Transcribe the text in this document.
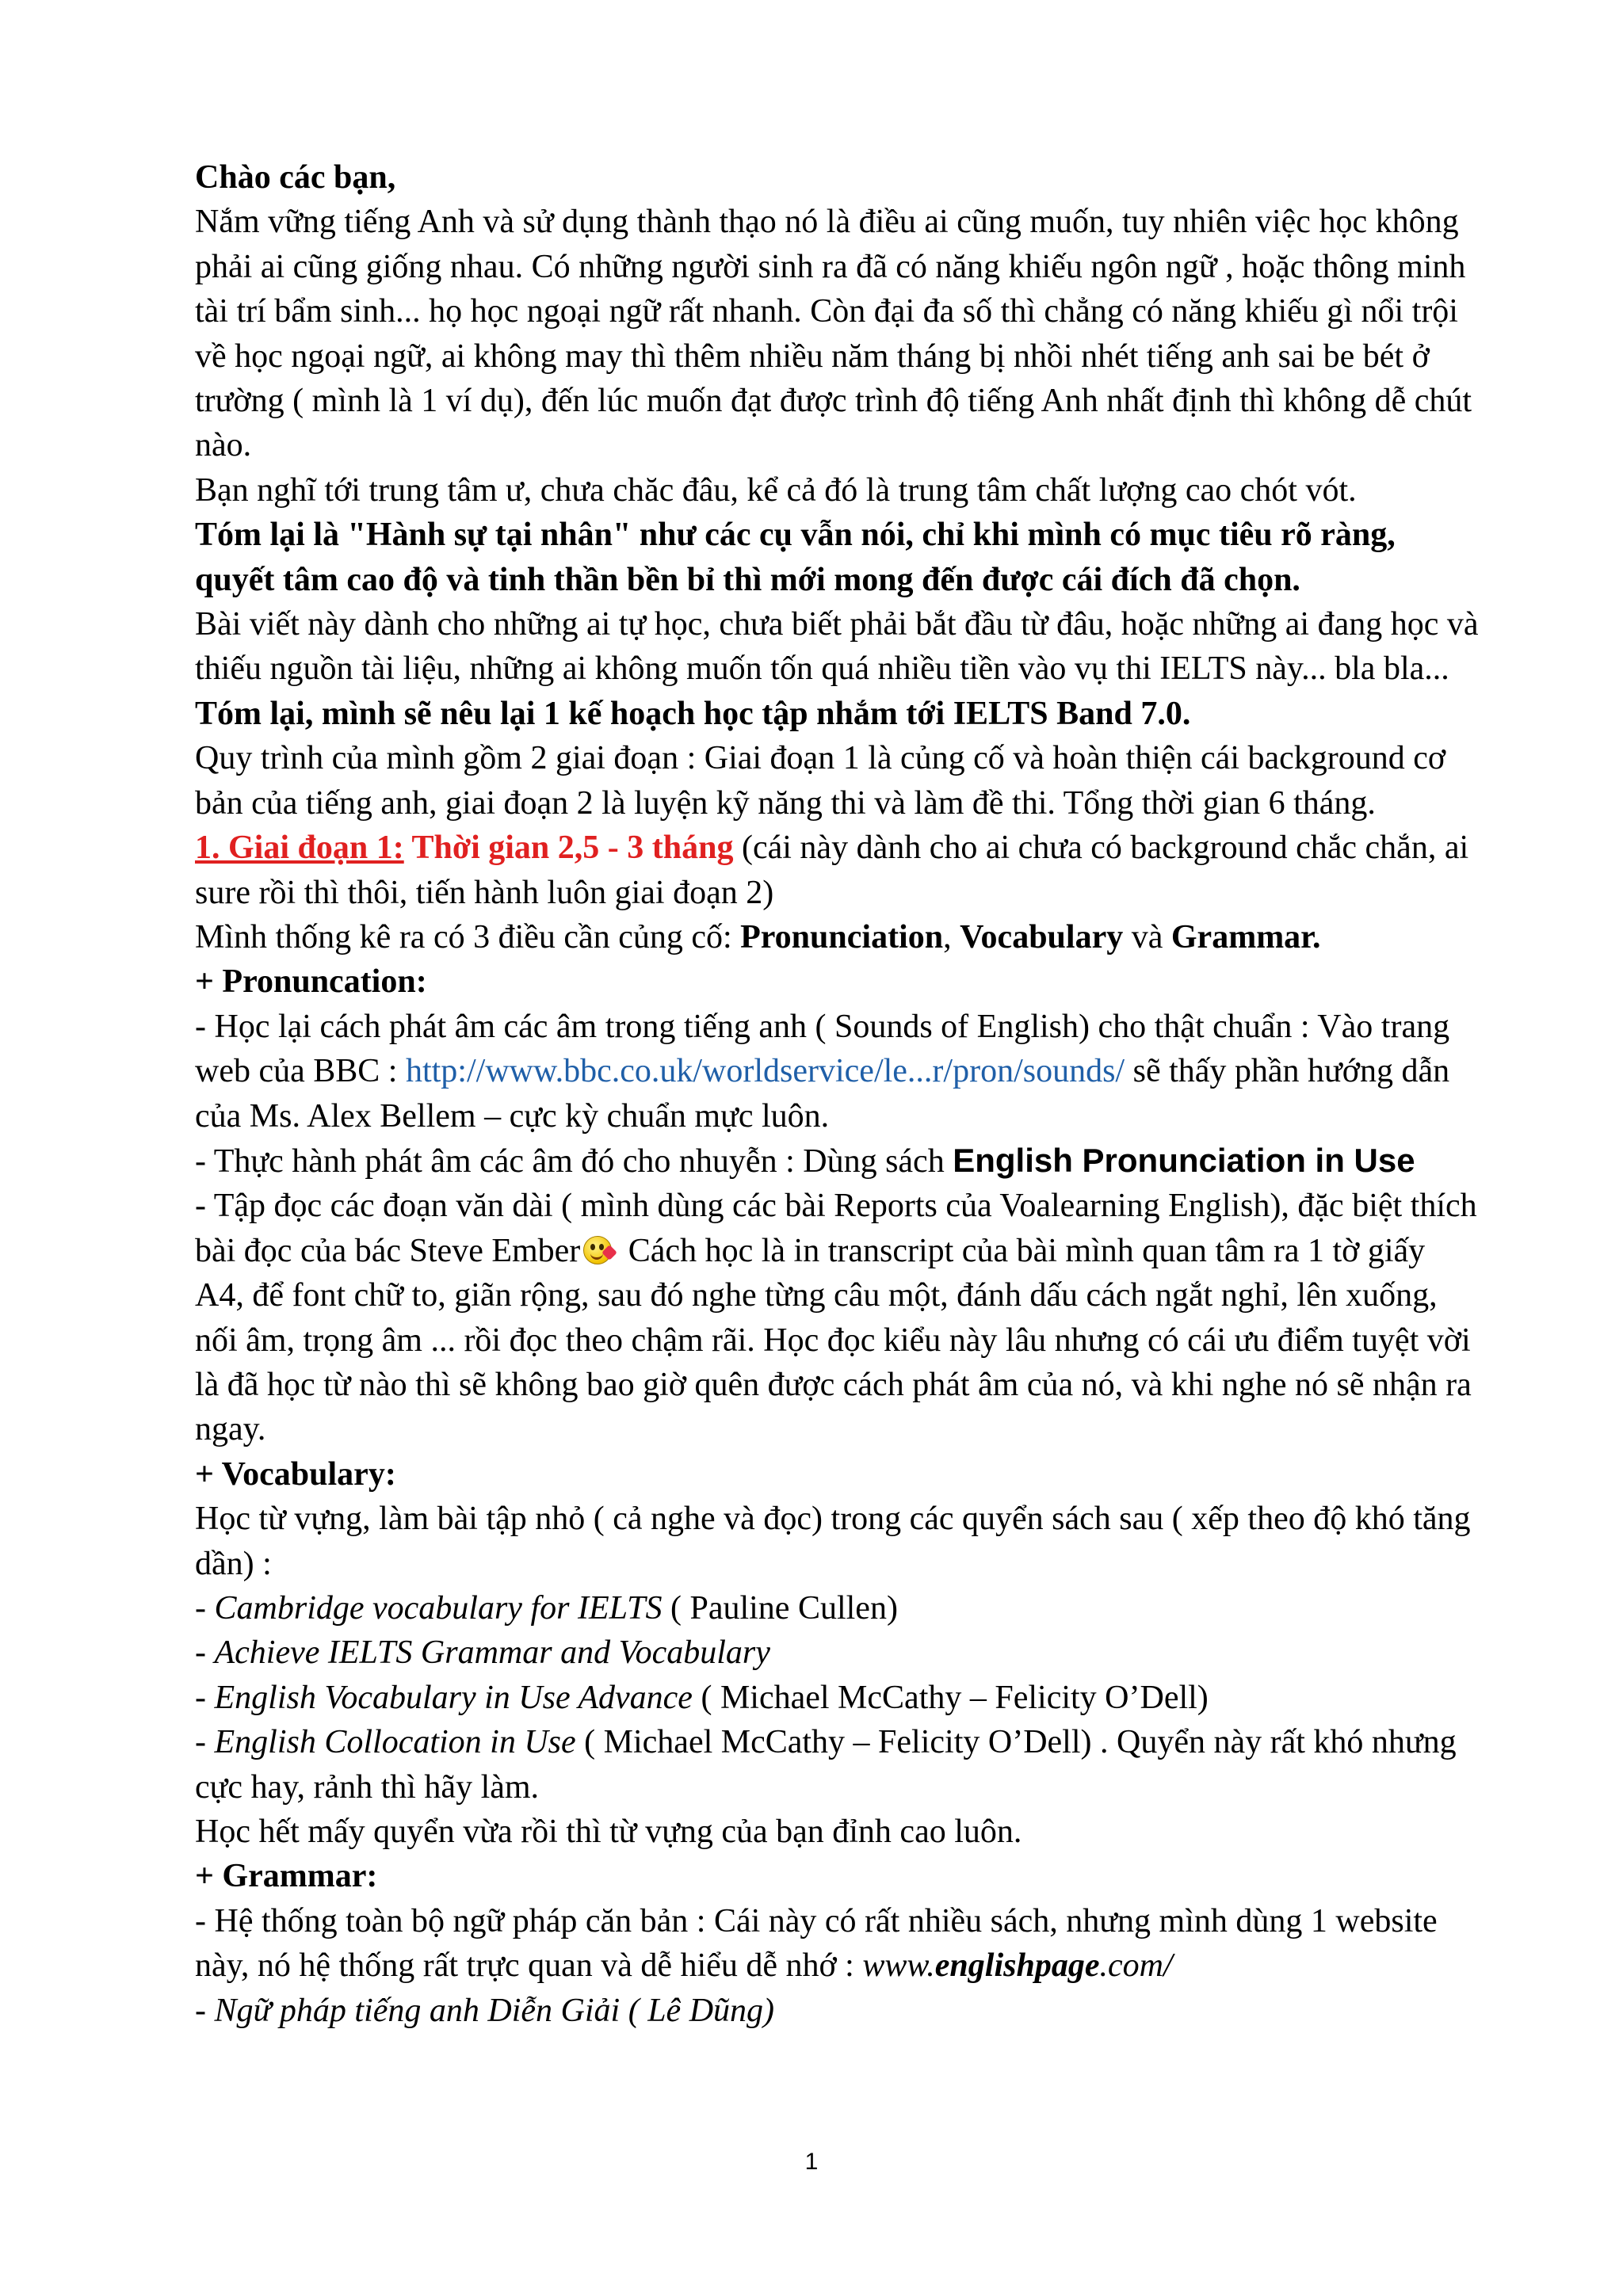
Chào các bạn,

Nắm vững tiếng Anh và sử dụng thành thạo nó là điều ai cũng muốn, tuy nhiên việc học không phải ai cũng giống nhau. Có những người sinh ra đã có năng khiếu ngôn ngữ , hoặc thông minh tài trí bẩm sinh... họ học ngoại ngữ rất nhanh. Còn đại đa số thì chẳng có năng khiếu gì nổi trội về học ngoại ngữ, ai không may thì thêm nhiều năm tháng bị nhồi nhét tiếng anh sai be bét ở trường ( mình là 1 ví dụ), đến lúc muốn đạt được trình độ tiếng Anh nhất định thì không dễ chút nào.

Bạn nghĩ tới trung tâm ư, chưa chăc đâu, kể cả đó là trung tâm chất lượng cao chót vót.

Tóm lại là "Hành sự tại nhân" như các cụ vẫn nói, chỉ khi mình có mục tiêu rõ ràng, quyết tâm cao độ và tinh thần bền bỉ thì mới mong đến được cái đích đã chọn.

Bài viết này dành cho những ai tự học, chưa biết phải bắt đầu từ đâu, hoặc những ai đang học và thiếu nguồn tài liệu, những ai không muốn tốn quá nhiều tiền vào vụ thi IELTS này... bla bla...

Tóm lại, mình sẽ nêu lại 1 kế hoạch học tập nhắm tới IELTS Band 7.0.

Quy trình của mình gồm 2 giai đoạn : Giai đoạn 1 là củng cố và hoàn thiện cái background cơ bản của tiếng anh, giai đoạn 2 là luyện kỹ năng thi và làm đề thi. Tổng thời gian 6 tháng.

1. Giai đoạn 1: Thời gian 2,5 - 3 tháng (cái này dành cho ai chưa có background chắc chắn, ai sure rồi thì thôi, tiến hành luôn giai đoạn 2)

Mình thống kê ra có 3 điều cần củng cố: Pronunciation, Vocabulary và Grammar.

+ Pronuncation:

- Học lại cách phát âm các âm trong tiếng anh ( Sounds of English) cho thật chuẩn : Vào trang web của BBC : http://www.bbc.co.uk/worldservice/le...r/pron/sounds/ sẽ thấy phần hướng dẫn của Ms. Alex Bellem – cực kỳ chuẩn mực luôn.

- Thực hành phát âm các âm đó cho nhuyễn : Dùng sách English Pronunciation in Use

- Tập đọc các đoạn văn dài ( mình dùng các bài Reports của Voalearning English), đặc biệt thích bài đọc của bác Steve Ember
Cách học là in transcript của bài mình quan tâm ra 1 tờ giấy A4, để font chữ to, giãn rộng, sau đó nghe từng câu một, đánh dấu cách ngắt nghỉ, lên xuống, nối âm, trọng âm ... rồi đọc theo chậm rãi. Học đọc kiểu này lâu nhưng có cái ưu điểm tuyệt vời là đã học từ nào thì sẽ không bao giờ quên được cách phát âm của nó, và khi nghe nó sẽ nhận ra ngay.

+ Vocabulary:

Học từ vựng, làm bài tập nhỏ ( cả nghe và đọc) trong các quyển sách sau ( xếp theo độ khó tăng dần) :

- Cambridge vocabulary for IELTS ( Pauline Cullen)

- Achieve IELTS Grammar and Vocabulary

- English Vocabulary in Use Advance ( Michael McCathy – Felicity O’Dell)

- English Collocation in Use ( Michael McCathy – Felicity O’Dell) . Quyển này rất khó nhưng cực hay, rảnh thì hãy làm.

Học hết mấy quyển vừa rồi thì từ vựng của bạn đỉnh cao luôn.

+ Grammar:

- Hệ thống toàn bộ ngữ pháp căn bản : Cái này có rất nhiều sách, nhưng mình dùng 1 website này, nó hệ thống rất trực quan và dễ hiểu dễ nhớ : www.englishpage.com/

- Ngữ pháp tiếng anh Diễn Giải ( Lê Dũng)

1
